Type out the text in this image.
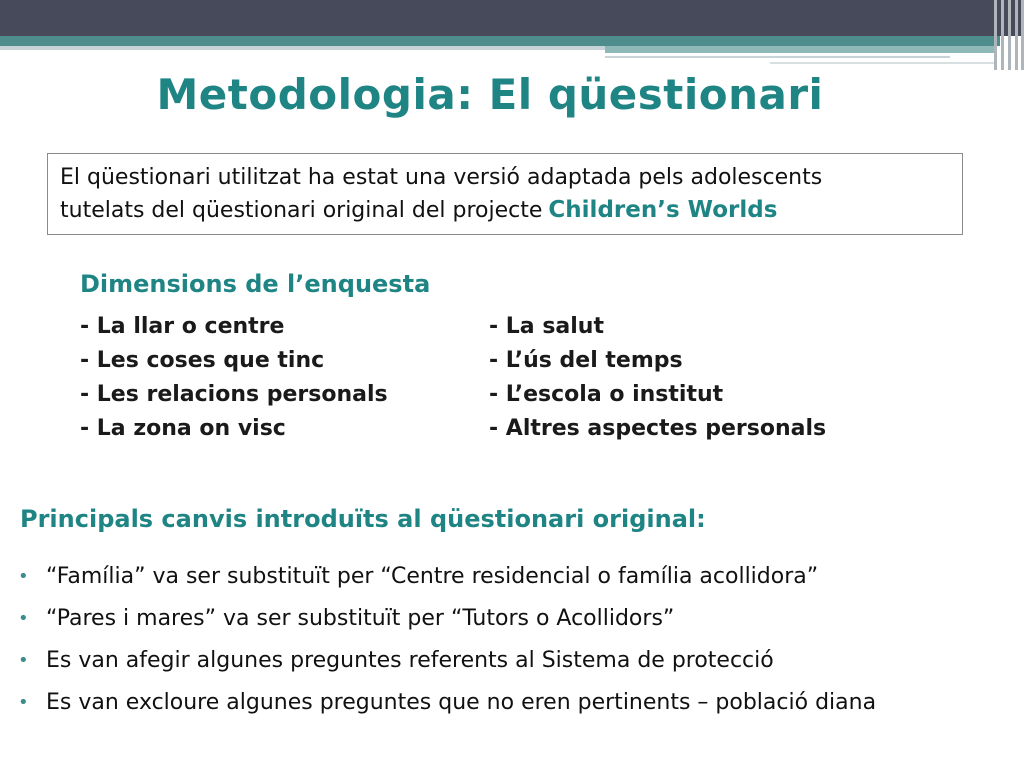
Metodologia: El qüestionari
El qüestionari utilitzat ha estat una versió adaptada pels adolescents
tutelats del qüestionari original del projecte Children’s Worlds
Dimensions de l’enquesta
- La llar o centre	- La salut
- Les coses que tinc	- L’ús del temps
- Les relacions personals	- L’escola o institut
- La zona on visc	- Altres aspectes personals
Principals canvis introduïts al qüestionari original:
• “Família” va ser substituït per “Centre residencial o família acollidora”
• “Pares i mares” va ser substituït per “Tutors o Acollidors”
• Es van afegir algunes preguntes referents al Sistema de protecció
• Es van excloure algunes preguntes que no eren pertinents – població diana
